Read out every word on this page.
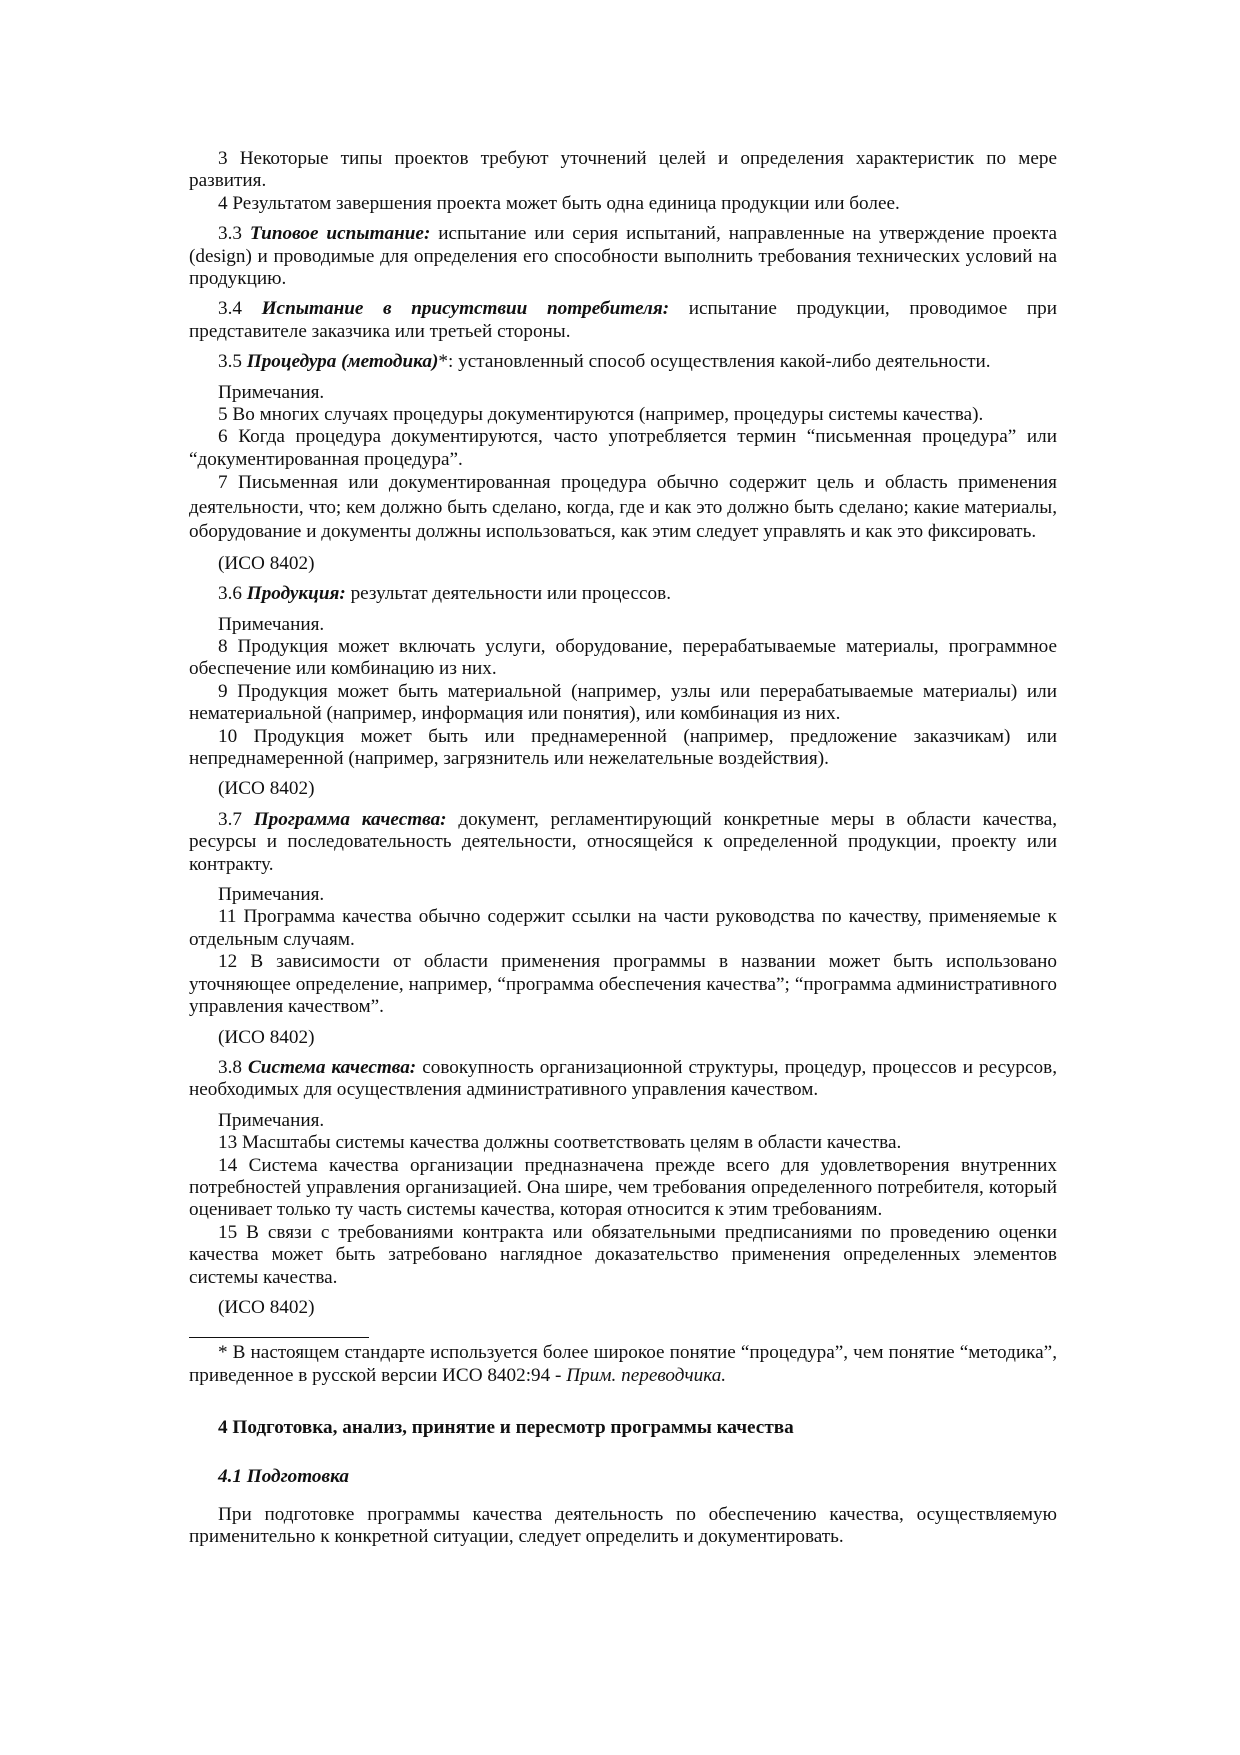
3 Некоторые типы проектов требуют уточнений целей и определения характеристик по мере развития.

4 Результатом завершения проекта может быть одна единица продукции или более.

3.3 Типовое испытание: испытание или серия испытаний, направленные на утверждение проекта (design) и проводимые для определения его способности выполнить требования технических условий на продукцию.

3.4 Испытание в присутствии потребителя: испытание продукции, проводимое при представителе заказчика или третьей стороны.

3.5 Процедура (методика)*: установленный способ осуществления какой-либо деятельности.

Примечания.

5 Во многих случаях процедуры документируются (например, процедуры системы качества).

6 Когда процедура документируются, часто употребляется термин “письменная процедура” или “документированная процедура”.

7 Письменная или документированная процедура обычно содержит цель и область применения деятельности, что; кем должно быть сделано, когда, где и как это должно быть сделано; какие материалы, оборудование и документы должны использоваться, как этим следует управлять и как это фиксировать.

(ИСО 8402)

3.6 Продукция: результат деятельности или процессов.

Примечания.

8 Продукция может включать услуги, оборудование, перерабатываемые материалы, программное обеспечение или комбинацию из них.

9 Продукция может быть материальной (например, узлы или перерабатываемые материалы) или нематериальной (например, информация или понятия), или комбинация из них.

10 Продукция может быть или преднамеренной (например, предложение заказчикам) или непреднамеренной (например, загрязнитель или нежелательные воздействия).

(ИСО 8402)

3.7 Программа качества: документ, регламентирующий конкретные меры в области качества, ресурсы и последовательность деятельности, относящейся к определенной продукции, проекту или контракту.

Примечания.

11 Программа качества обычно содержит ссылки на части руководства по качеству, применяемые к отдельным случаям.

12 В зависимости от области применения программы в названии может быть использовано уточняющее определение, например, “программа обеспечения качества”; “программа административного управления качеством”.

(ИСО 8402)

3.8 Система качества: совокупность организационной структуры, процедур, процессов и ресурсов, необходимых для осуществления административного управления качеством.

Примечания.

13 Масштабы системы качества должны соответствовать целям в области качества.

14 Система качества организации предназначена прежде всего для удовлетворения внутренних потребностей управления организацией. Она шире, чем требования определенного потребителя, который оценивает только ту часть системы качества, которая относится к этим требованиям.

15 В связи с требованиями контракта или обязательными предписаниями по проведению оценки качества может быть затребовано наглядное доказательство применения определенных элементов системы качества.

(ИСО 8402)

* В настоящем стандарте используется более широкое понятие “процедура”, чем понятие “методика”, приведенное в русской версии ИСО 8402:94 - Прим. переводчика.

4 Подготовка, анализ, принятие и пересмотр программы качества

4.1 Подготовка

При подготовке программы качества деятельность по обеспечению качества, осуществляемую применительно к конкретной ситуации, следует определить и документировать.
